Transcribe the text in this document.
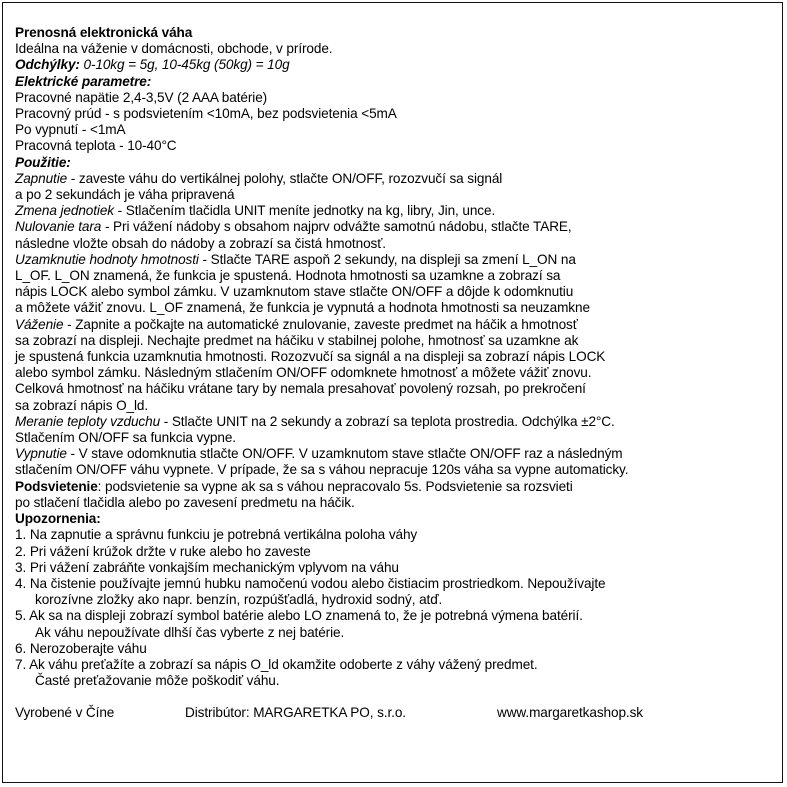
Prenosná elektronická váha
Ideálna na váženie v domácnosti, obchode, v prírode.
Odchýlky: 0-10kg = 5g, 10-45kg (50kg) = 10g
Elektrické parametre:
Pracovné napätie 2,4-3,5V (2 AAA batérie)
Pracovný prúd - s podsvietením <10mA, bez podsvietenia <5mA
Po vypnutí - <1mA
Pracovná teplota - 10-40°C
Použitie:
Zapnutie - zaveste váhu do vertikálnej polohy, stlačte ON/OFF, rozozvučí sa signál
a po 2 sekundách je váha pripravená
Zmena jednotiek - Stlačením tlačidla UNIT meníte jednotky na kg, libry, Jin, unce.
Nulovanie tara - Pri vážení nádoby s obsahom najprv odvážte samotnú nádobu, stlačte TARE,
následne vložte obsah do nádoby a zobrazí sa čistá hmotnosť.
Uzamknutie hodnoty hmotnosti - Stlačte TARE aspoň 2 sekundy, na displeji sa zmení L_ON na
L_OF. L_ON znamená, že funkcia je spustená. Hodnota hmotnosti sa uzamkne a zobrazí sa
nápis LOCK alebo symbol zámku. V uzamknutom stave stlačte ON/OFF a dôjde k odomknutiu
a môžete vážiť znovu. L_OF znamená, že funkcia je vypnutá a hodnota hmotnosti sa neuzamkne
Váženie - Zapnite a počkajte na automatické znulovanie, zaveste predmet na háčik a hmotnosť
sa zobrazí na displeji. Nechajte predmet na háčiku v stabilnej polohe, hmotnosť sa uzamkne ak
je spustená funkcia uzamknutia hmotnosti. Rozozvučí sa signál a na displeji sa zobrazí nápis LOCK
alebo symbol zámku. Následným stlačením ON/OFF odomknete hmotnosť a môžete vážiť znovu.
Celková hmotnosť na háčiku vrátane tary by nemala presahovať povolený rozsah, po prekročení
sa zobrazí nápis O_ld.
Meranie teploty vzduchu - Stlačte UNIT na 2 sekundy a zobrazí sa teplota prostredia. Odchýlka ±2°C.
Stlačením ON/OFF sa funkcia vypne.
Vypnutie - V stave odomknutia stlačte ON/OFF. V uzamknutom stave stlačte ON/OFF raz a následným
stlačením ON/OFF váhu vypnete. V prípade, že sa s váhou nepracuje 120s váha sa vypne automaticky.
Podsvietenie: podsvietenie sa vypne ak sa s váhou nepracovalo 5s. Podsvietenie sa rozsvieti
po stlačení tlačidla alebo po zavesení predmetu na háčik.
Upozornenia:
1. Na zapnutie a správnu funkciu je potrebná vertikálna poloha váhy
2. Pri vážení krúžok držte v ruke alebo ho zaveste
3. Pri vážení zabráňte vonkajším mechanickým vplyvom na váhu
4. Na čistenie používajte jemnú hubku namočenú vodou alebo čistiacim prostriedkom. Nepoužívajte
korozívne zložky ako napr. benzín, rozpúšťadlá, hydroxid sodný, atď.
5. Ak sa na displeji zobrazí symbol batérie alebo LO znamená to, že je potrebná výmena batérií.
Ak váhu nepoužívate dlhší čas vyberte z nej batérie.
6. Nerozoberajte váhu
7. Ak váhu preťažíte a zobrazí sa nápis O_ld okamžite odoberte z váhy vážený predmet.
Časté preťažovanie môže poškodiť váhu.
Vyrobené v Číne	Distribútor: MARGARETKA PO, s.r.o.	www.margaretkashop.sk
